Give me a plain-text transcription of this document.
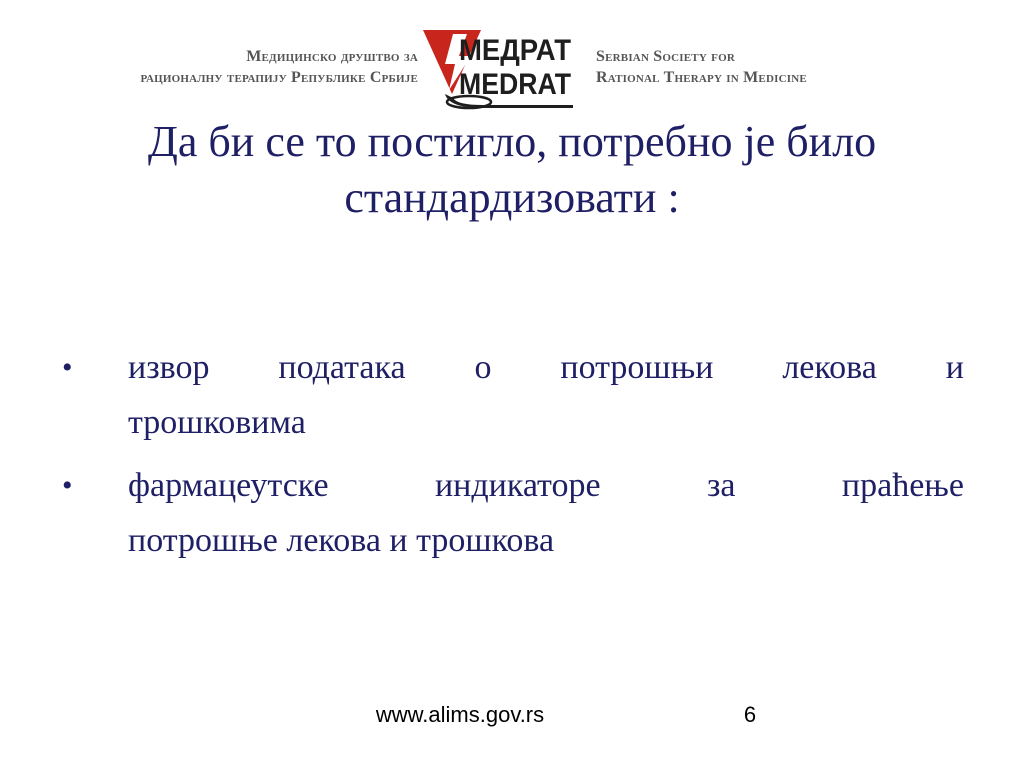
Медицинско друштво за
рационалну терапију Републике Србије
MEДРАТ
MEDRAT
Serbian Society for
Rational Therapy in Medicine
Да би се то постигло, потребно је било
стандардизовати :
• извор података о потрошњи лекова и
трошковима
• фармацеутске	индикаторе	за	праћење
потрошње лекова и трошкова
www.alims.gov.rs	6
